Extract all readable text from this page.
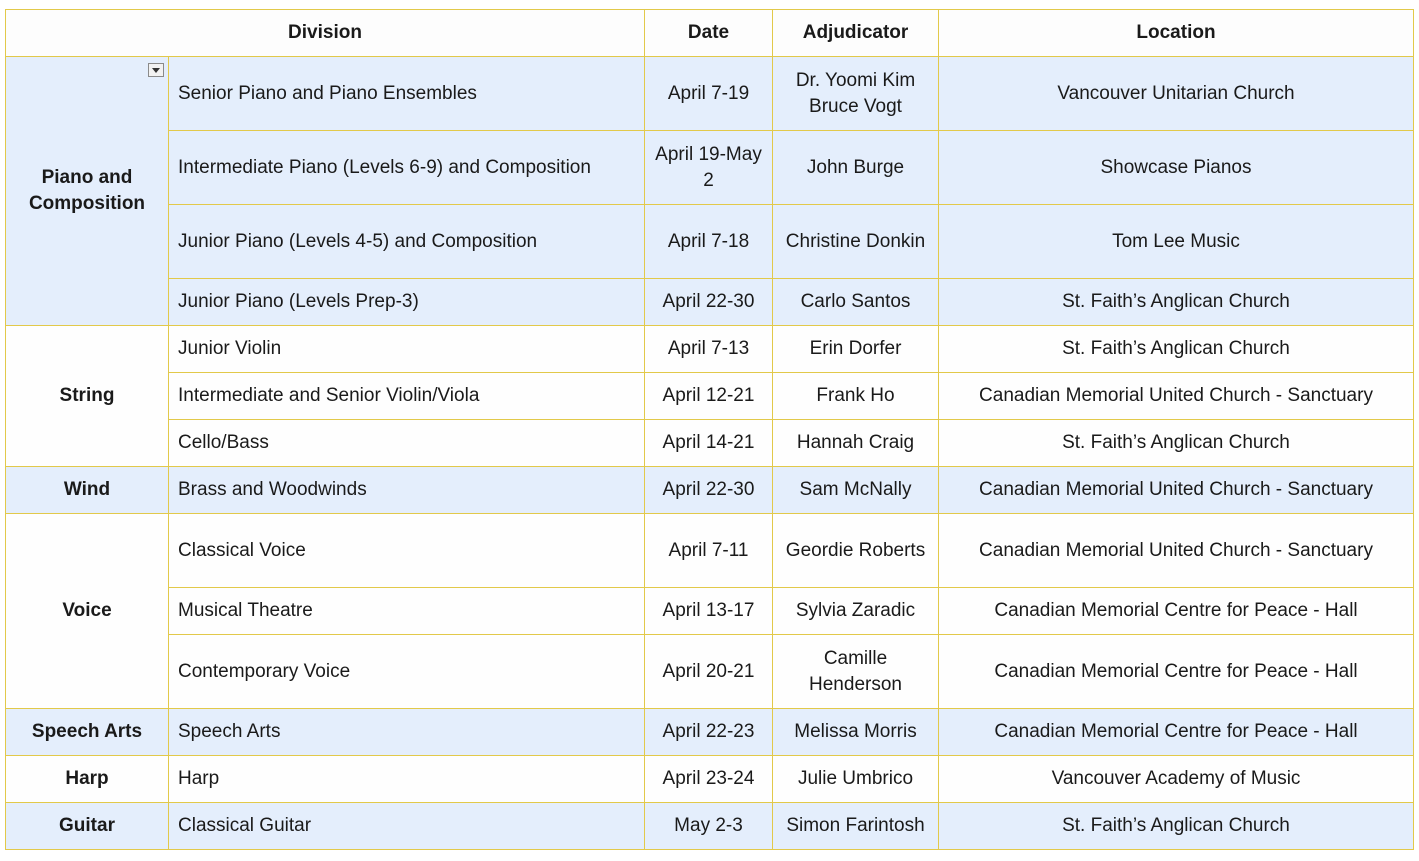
Division		Date	Adjudicator	Location
Piano and Composition	Senior Piano and Piano Ensembles	April 7-19	Dr. Yoomi Kim Bruce Vogt	Vancouver Unitarian Church
	Intermediate Piano (Levels 6-9) and Composition	April 19-May 2	John Burge	Showcase Pianos
	Junior Piano (Levels 4-5) and Composition	April 7-18	Christine Donkin	Tom Lee Music
	Junior Piano (Levels Prep-3)	April 22-30	Carlo Santos	St. Faith’s Anglican Church
String	Junior Violin	April 7-13	Erin Dorfer	St. Faith’s Anglican Church
	Intermediate and Senior Violin/Viola	April 12-21	Frank Ho	Canadian Memorial United Church - Sanctuary
	Cello/Bass	April 14-21	Hannah Craig	St. Faith’s Anglican Church
Wind	Brass and Woodwinds	April 22-30	Sam McNally	Canadian Memorial United Church - Sanctuary
Voice	Classical Voice	April 7-11	Geordie Roberts	Canadian Memorial United Church - Sanctuary
	Musical Theatre	April 13-17	Sylvia Zaradic	Canadian Memorial Centre for Peace - Hall
	Contemporary Voice	April 20-21	Camille Henderson	Canadian Memorial Centre for Peace - Hall
Speech Arts	Speech Arts	April 22-23	Melissa Morris	Canadian Memorial Centre for Peace - Hall
Harp	Harp	April 23-24	Julie Umbrico	Vancouver Academy of Music
Guitar	Classical Guitar	May 2-3	Simon Farintosh	St. Faith’s Anglican Church
